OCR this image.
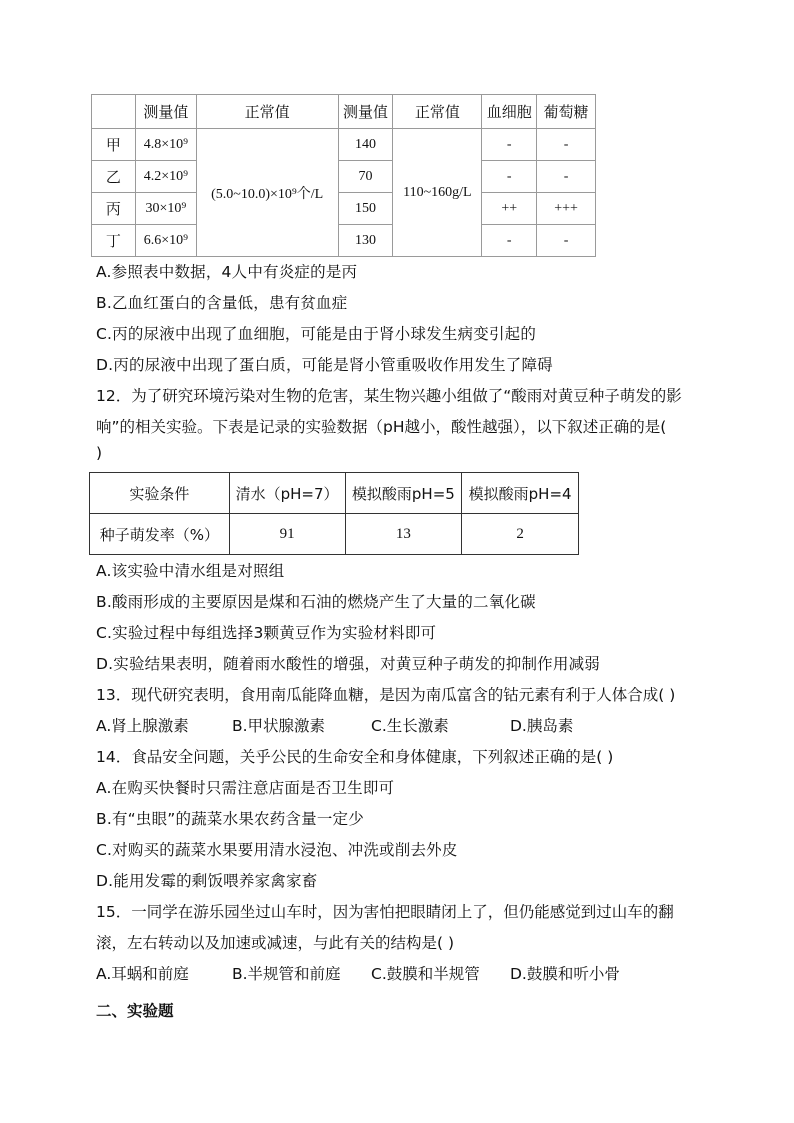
	测量值	正常值	测量值	正常值	血细胞	葡萄糖
甲	4.8×10⁹	(5.0~10.0)×10⁹个/L	140	110~160g/L	-	-
乙	4.2×10⁹		70		-	-
丙	30×10⁹		150		++	+++
丁	6.6×10⁹		130		-	-
A.参照表中数据，4人中有炎症的是丙
B.乙血红蛋白的含量低，患有贫血症
C.丙的尿液中出现了血细胞，可能是由于肾小球发生病变引起的
D.丙的尿液中出现了蛋白质，可能是肾小管重吸收作用发生了障碍
12．为了研究环境污染对生物的危害，某生物兴趣小组做了“酸雨对黄豆种子萌发的影
响”的相关实验。下表是记录的实验数据（pH越小，酸性越强），以下叙述正确的是(
)
实验条件	清水（pH=7）	模拟酸雨pH=5	模拟酸雨pH=4
种子萌发率（%）	91	13	2
A.该实验中清水组是对照组
B.酸雨形成的主要原因是煤和石油的燃烧产生了大量的二氧化碳
C.实验过程中每组选择3颗黄豆作为实验材料即可
D.实验结果表明，随着雨水酸性的增强，对黄豆种子萌发的抑制作用减弱
13．现代研究表明，食用南瓜能降血糖，是因为南瓜富含的钴元素有利于人体合成( )
A.肾上腺激素	B.甲状腺激素	C.生长激素	D.胰岛素
14．食品安全问题，关乎公民的生命安全和身体健康，下列叙述正确的是( )
A.在购买快餐时只需注意店面是否卫生即可
B.有“虫眼”的蔬菜水果农药含量一定少
C.对购买的蔬菜水果要用清水浸泡、冲洗或削去外皮
D.能用发霉的剩饭喂养家禽家畜
15．一同学在游乐园坐过山车时，因为害怕把眼睛闭上了，但仍能感觉到过山车的翻
滚，左右转动以及加速或减速，与此有关的结构是( )
A.耳蜗和前庭	B.半规管和前庭 C.鼓膜和半规管 D.鼓膜和听小骨
二、实验题
